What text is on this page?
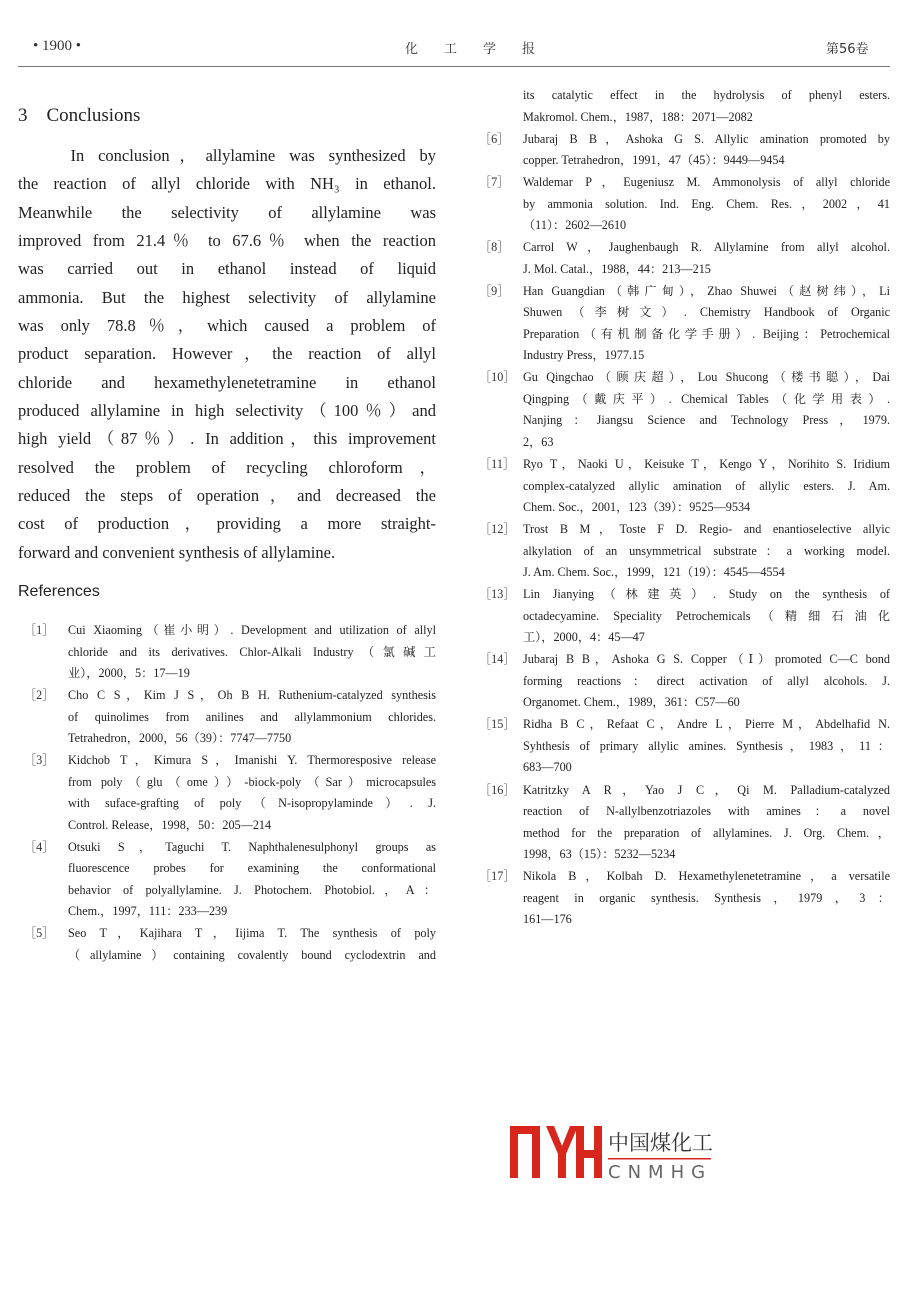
• 1900 •	化　　工　　学　　报	第56卷
3　Conclusions
　　In conclusion，allylamine was synthesized by
the reaction of allyl chloride with NH₃ in ethanol.
Meanwhile the selectivity of allylamine was
improved from 21.4％ to 67.6％ when the reaction
was carried out in ethanol instead of liquid
ammonia. But the highest selectivity of allylamine
was only 78.8％，which caused a problem of
product separation. However，the reaction of allyl
chloride and hexamethylenetetramine in ethanol
produced allylamine in high selectivity（100％）and
high yield（87％）. In addition，this improvement
resolved the problem of recycling chloroform，
reduced the steps of operation，and decreased the
cost of production，providing a more straight-
forward and convenient synthesis of allylamine.
References
［1］ Cui Xiaoming（崔小明）. Development and utilization of allyl
chloride and its derivatives. Chlor-Alkali Industry（氯碱工
业），2000，5：17—19
［2］ Cho C S，Kim J S，Oh B H. Ruthenium-catalyzed synthesis
of quinolimes from anilines and allylammonium chlorides.
Tetrahedron，2000，56（39）：7747—7750
［3］ Kidchob T，Kimura S，Imanishi Y. Thermoresposive release
from poly（glu（ome））-biock-poly（Sar）microcapsules
with suface-grafting of poly（N-isopropylaminde）. J.
Control. Release，1998，50：205—214
［4］ Otsuki S，Taguchi T. Naphthalenesulphonyl groups as
fluorescence probes for examining the conformational
behavior of polyallylamine. J. Photochem. Photobiol.，A：
Chem.，1997，111：233—239
［5］ Seo T，Kajihara T，Iijima T. The synthesis of poly
（allylamine）containing covalently bound cyclodextrin and
its catalytic effect in the hydrolysis of phenyl esters.
Makromol. Chem.，1987，188：2071—2082
［6］ Jubaraj B B，Ashoka G S. Allylic amination promoted by
copper. Tetrahedron，1991，47（45）：9449—9454
［7］ Waldemar P，Eugeniusz M. Ammonolysis of allyl chloride
by ammonia solution. Ind. Eng. Chem. Res.，2002，41
（11）：2602—2610
［8］ Carrol W，Jaughenbaugh R. Allylamine from allyl alcohol.
J. Mol. Catal.，1988，44：213—215
［9］ Han Guangdian（韩广甸），Zhao Shuwei（赵树纬），Li
Shuwen（李树文）. Chemistry Handbook of Organic
Preparation（有机制备化学手册）. Beijing：Petrochemical
Industry Press，1977.15
［10］ Gu Qingchao（顾庆超），Lou Shucong（楼书聪），Dai
Qingping（戴庆平）. Chemical Tables（化学用表）.
Nanjing：Jiangsu Science and Technology Press，1979.
2，63
［11］ Ryo T，Naoki U，Keisuke T，Kengo Y，Norihito S. Iridium
complex-catalyzed allylic amination of allylic esters. J. Am.
Chem. Soc.，2001，123（39）：9525—9534
［12］ Trost B M，Toste F D. Regio- and enantioselective allyic
alkylation of an unsymmetrical substrate：a working model.
J. Am. Chem. Soc.，1999，121（19）：4545—4554
［13］ Lin Jianying（林建英）. Study on the synthesis of
octadecyamine. Speciality Petrochemicals（精细石油化
工），2000，4：45—47
［14］ Jubaraj B B，Ashoka G S. Copper（Ⅰ）promoted C—C bond
forming reactions：direct activation of allyl alcohols. J.
Organomet. Chem.，1989，361：C57—60
［15］ Ridha B C，Refaat C，Andre L，Pierre M，Abdelhafid N.
Syhthesis of primary allylic amines. Synthesis，1983，11：
683—700
［16］ Katritzky A R，Yao J C，Qi M. Palladium-catalyzed
reaction of N-allylbenzotriazoles with amines：a novel
method for the preparation of allylamines. J. Org. Chem.，
1998，63（15）：5232—5234
［17］ Nikola B，Kolbah D. Hexamethylenetetramine，a versatile
reagent in organic synthesis. Synthesis，1979，3：
161—176
中国煤化工
CNMHG
